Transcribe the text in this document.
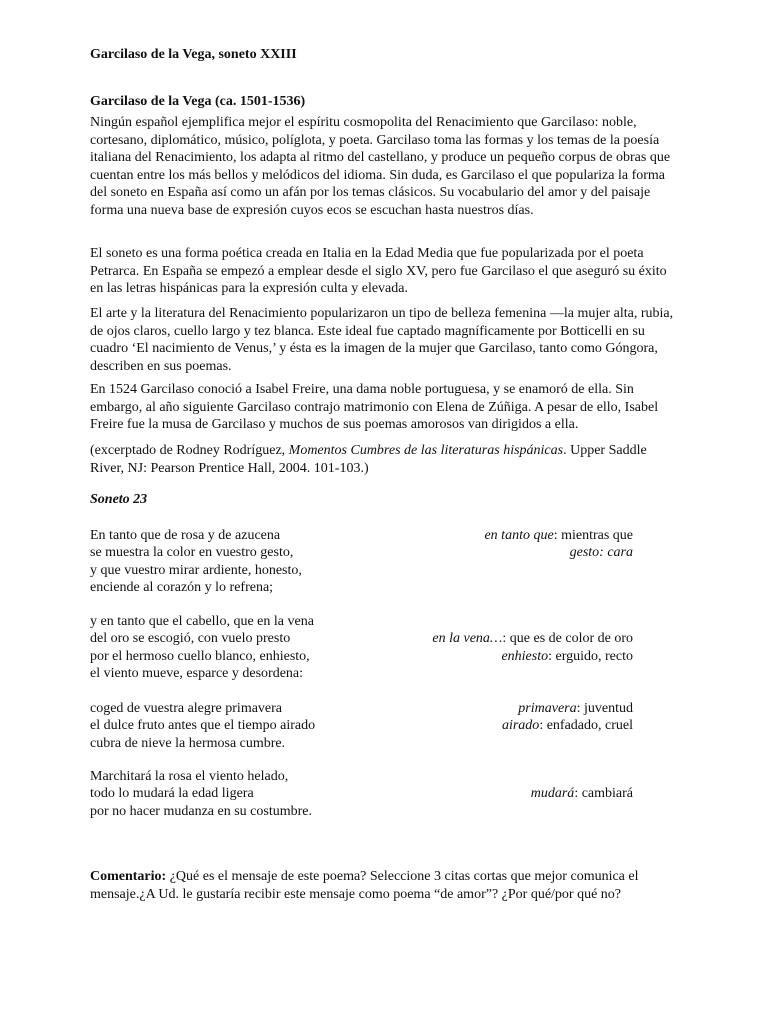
Garcilaso de la Vega, soneto XXIII
Garcilaso de la Vega (ca. 1501-1536)

Ningún español ejemplifica mejor el espíritu cosmopolita del Renacimiento que Garcilaso: noble, cortesano, diplomático, músico, políglota, y poeta. Garcilaso toma las formas y los temas de la poesía italiana del Renacimiento, los adapta al ritmo del castellano, y produce un pequeño corpus de obras que cuentan entre los más bellos y melódicos del idioma. Sin duda, es Garcilaso el que populariza la forma del soneto en España así como un afán por los temas clásicos. Su vocabulario del amor y del paisaje forma una nueva base de expresión cuyos ecos se escuchan hasta nuestros días.

El soneto es una forma poética creada en Italia en la Edad Media que fue popularizada por el poeta Petrarca. En España se empezó a emplear desde el siglo XV, pero fue Garcilaso el que aseguró su éxito en las letras hispánicas para la expresión culta y elevada.

El arte y la literatura del Renacimiento popularizaron un tipo de belleza femenina —la mujer alta, rubia, de ojos claros, cuello largo y tez blanca. Este ideal fue captado magníficamente por Botticelli en su cuadro ‘El nacimiento de Venus,’ y ésta es la imagen de la mujer que Garcilaso, tanto como Góngora, describen en sus poemas.

En 1524 Garcilaso conoció a Isabel Freire, una dama noble portuguesa, y se enamoró de ella. Sin embargo, al año siguiente Garcilaso contrajo matrimonio con Elena de Zúñiga. A pesar de ello, Isabel Freire fue la musa de Garcilaso y muchos de sus poemas amorosos van dirigidos a ella.

(excerptado de Rodney Rodríguez, Momentos Cumbres de las literaturas hispánicas. Upper Saddle River, NJ: Pearson Prentice Hall, 2004. 101-103.)

Soneto 23
En tanto que de rosa y de azucena	en tanto que: mientras que
se muestra la color en vuestro gesto,	gesto: cara
y que vuestro mirar ardiente, honesto,
enciende al corazón y lo refrena;
y en tanto que el cabello, que en la vena
del oro se escogió, con vuelo presto	en la vena…: que es de color de oro
por el hermoso cuello blanco, enhiesto,	enhiesto: erguido, recto
el viento mueve, esparce y desordena:
coged de vuestra alegre primavera	primavera: juventud
el dulce fruto antes que el tiempo airado	airado: enfadado, cruel
cubra de nieve la hermosa cumbre.
Marchitará la rosa el viento helado,
todo lo mudará la edad ligera	mudará: cambiará
por no hacer mudanza en su costumbre.

Comentario: ¿Qué es el mensaje de este poema? Seleccione 3 citas cortas que mejor comunica el mensaje.¿A Ud. le gustaría recibir este mensaje como poema “de amor”? ¿Por qué/por qué no?
